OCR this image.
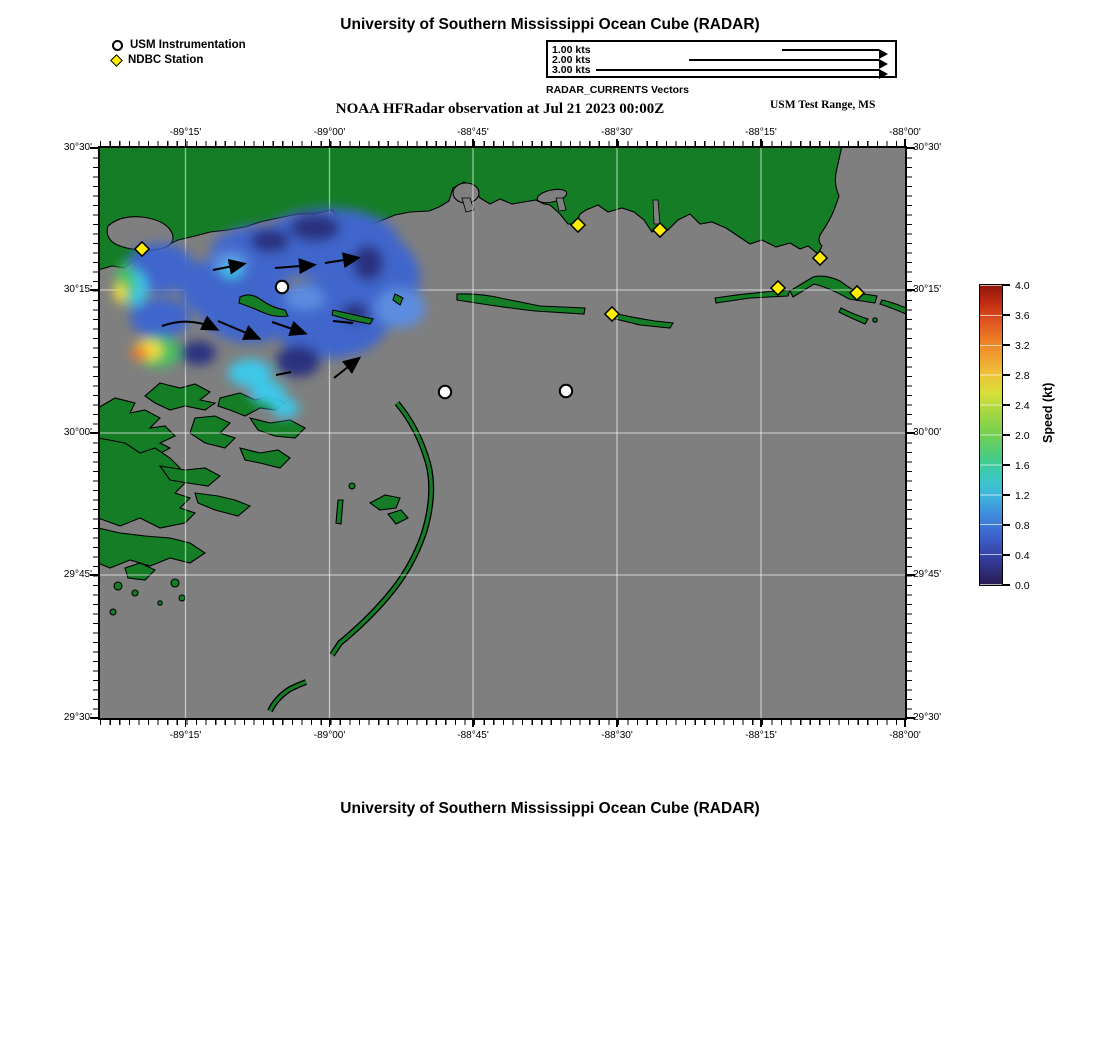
University of Southern Mississippi Ocean Cube (RADAR)
USM Instrumentation
NDBC Station
1.00 kts
2.00 kts
3.00 kts
RADAR_CURRENTS Vectors
NOAA HFRadar observation at Jul 21 2023 00:00Z	USM Test Range, MS
Speed (kt)
University of Southern Mississippi Ocean Cube (RADAR)
-89°15'
-89°15'
-89°00'
-89°00'
-88°45'
-88°45'
-88°30'
-88°30'
-88°15'
-88°15'
-88°00'
-88°00'
30°30'	30°30'
30°15'	30°15'
30°00'	30°00'
29°45'	29°45'
29°30'	29°30'
0.0
0.4
0.8
1.2
1.6
2.0
2.4
2.8
3.2
3.6
4.0
